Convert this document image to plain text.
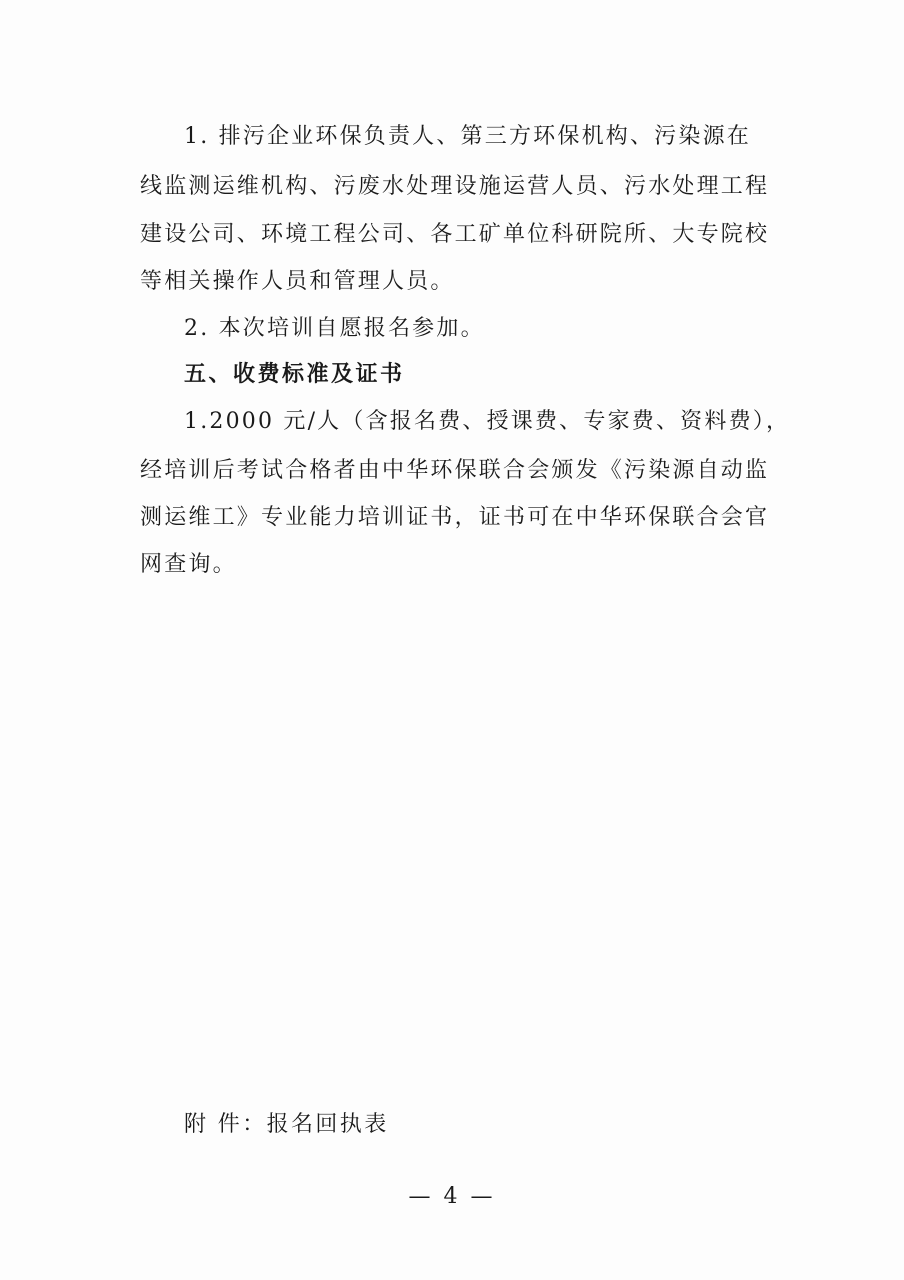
1. 排污企业环保负责人、第三方环保机构、污染源在
线监测运维机构、污废水处理设施运营人员、污水处理工程
建设公司、环境工程公司、各工矿单位科研院所、大专院校
等相关操作人员和管理人员。
2. 本次培训自愿报名参加。
五、收费标准及证书
1.2000 元/人（含报名费、授课费、专家费、资料费），
经培训后考试合格者由中华环保联合会颁发《污染源自动监
测运维工》专业能力培训证书，证书可在中华环保联合会官
网查询。
附 件：报名回执表
— 4 —
